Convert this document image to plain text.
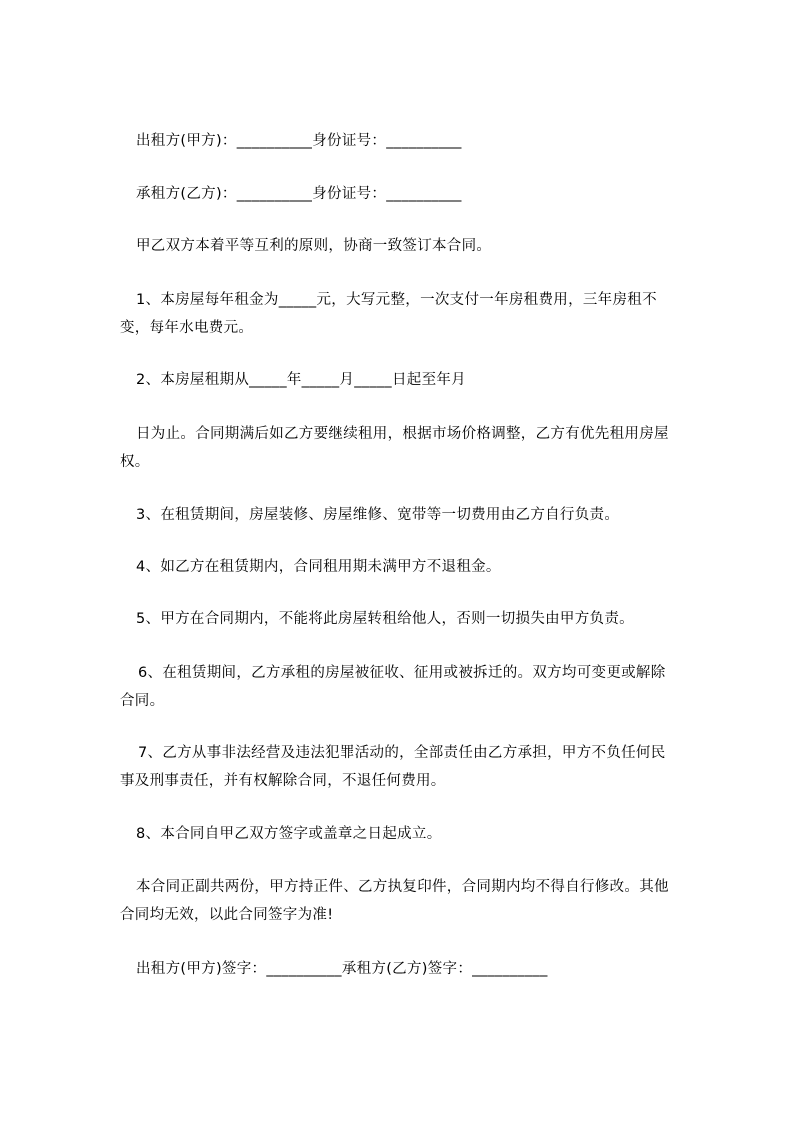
出租方(甲方)：__________身份证号：__________

承租方(乙方)：__________身份证号：__________

甲乙双方本着平等互利的原则，协商一致签订本合同。

1、本房屋每年租金为_____元，大写元整，一次支付一年房租费用，三年房租不变，每年水电费元。

2、本房屋租期从_____年_____月_____日起至年月

日为止。合同期满后如乙方要继续租用，根据市场价格调整，乙方有优先租用房屋权。

3、在租赁期间，房屋装修、房屋维修、宽带等一切费用由乙方自行负责。

4、如乙方在租赁期内，合同租用期未满甲方不退租金。

5、甲方在合同期内，不能将此房屋转租给他人，否则一切损失由甲方负责。

6、在租赁期间，乙方承租的房屋被征收、征用或被拆迁的。双方均可变更或解除合同。

7、乙方从事非法经营及违法犯罪活动的，全部责任由乙方承担，甲方不负任何民事及刑事责任，并有权解除合同，不退任何费用。

8、本合同自甲乙双方签字或盖章之日起成立。

本合同正副共两份，甲方持正件、乙方执复印件，合同期内均不得自行修改。其他合同均无效，以此合同签字为准!

出租方(甲方)签字：__________承租方(乙方)签字：__________
